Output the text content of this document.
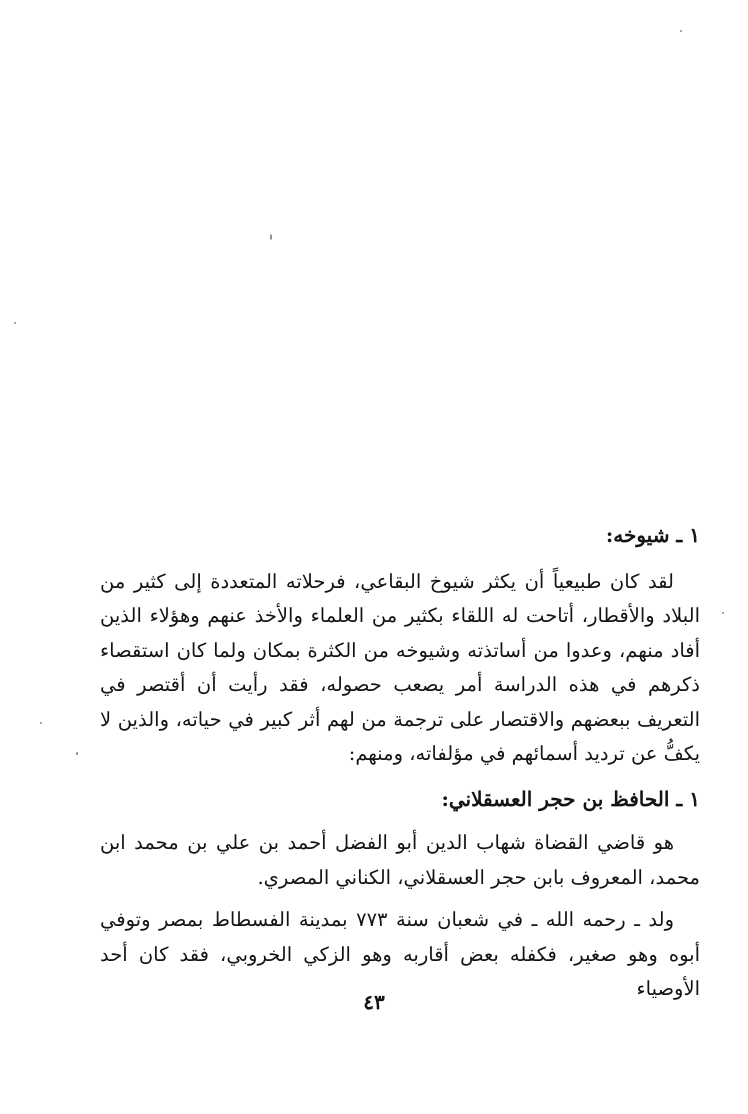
١ ـ شيوخه:

لقد كان طبيعياً أن يكثر شيوخ البقاعي، فرحلاته المتعددة إلى كثير من البلاد والأقطار، أتاحت له اللقاء بكثير من العلماء والأخذ عنهم وهؤلاء الذين أفاد منهم، وعدوا من أساتذته وشيوخه من الكثرة بمكان ولما كان استقصاء ذكرهم في هذه الدراسة أمر يصعب حصوله، فقد رأيت أن أقتصر في التعريف ببعضهم والاقتصار على ترجمة من لهم أثر كبير في حياته، والذين لا يكفُّ عن ترديد أسمائهم في مؤلفاته، ومنهم:

١ ـ الحافظ بن حجر العسقلاني:

هو قاضي القضاة شهاب الدين أبو الفضل أحمد بن علي بن محمد ابن محمد، المعروف بابن حجر العسقلاني، الكناني المصري.

ولد ـ رحمه الله ـ في شعبان سنة ٧٧٣ بمدينة الفسطاط بمصر وتوفي أبوه وهو صغير، فكفله بعض أقاربه وهو الزكي الخروبي، فقد كان أحد الأوصياء

٤٣
